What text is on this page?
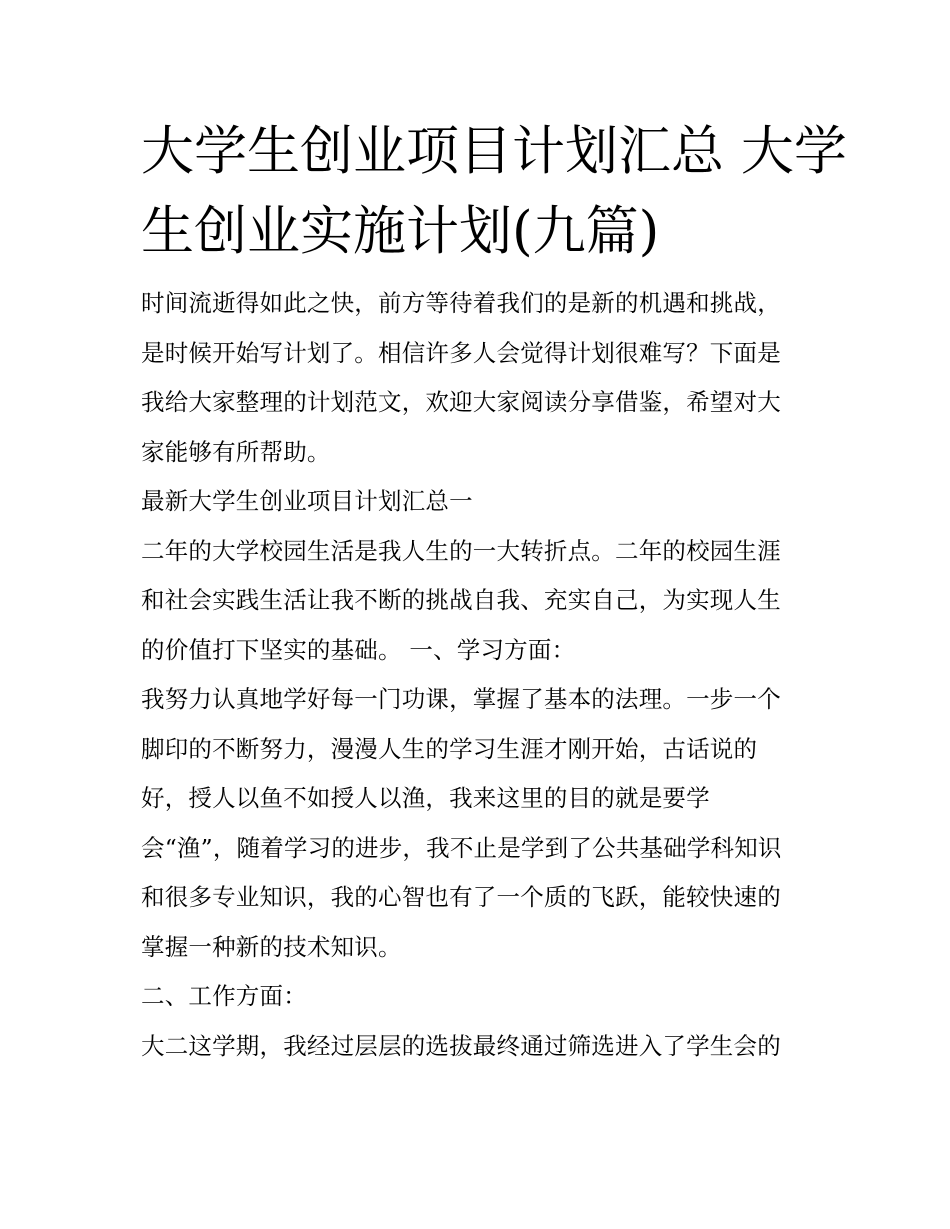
大学生创业项目计划汇总 大学
生创业实施计划(九篇)
时间流逝得如此之快，前方等待着我们的是新的机遇和挑战，
是时候开始写计划了。相信许多人会觉得计划很难写？下面是
我给大家整理的计划范文，欢迎大家阅读分享借鉴，希望对大
家能够有所帮助。
最新大学生创业项目计划汇总一
二年的大学校园生活是我人生的一大转折点。二年的校园生涯
和社会实践生活让我不断的挑战自我、充实自己，为实现人生
的价值打下坚实的基础。 一、学习方面：
我努力认真地学好每一门功课，掌握了基本的法理。一步一个
脚印的不断努力，漫漫人生的学习生涯才刚开始，古话说的
好，授人以鱼不如授人以渔，我来这里的目的就是要学
会“渔”，随着学习的进步，我不止是学到了公共基础学科知识
和很多专业知识，我的心智也有了一个质的飞跃，能较快速的
掌握一种新的技术知识。
二、工作方面：
大二这学期，我经过层层的选拔最终通过筛选进入了学生会的
